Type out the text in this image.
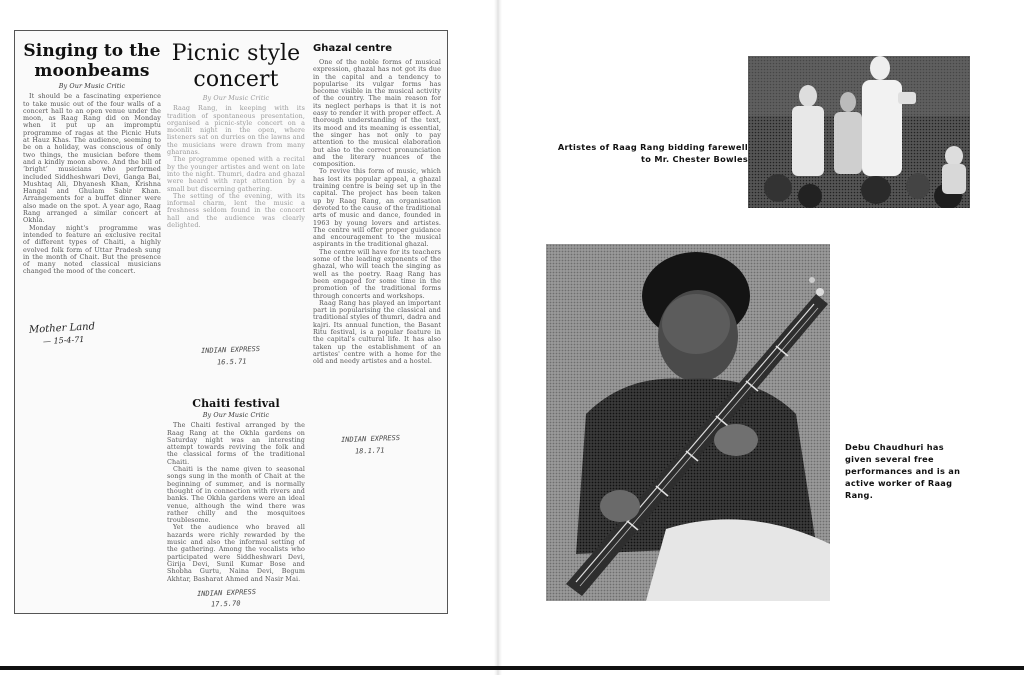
Singing to the moonbeams
By Our Music Critic

It should be a fascinating experience to take music out of the four walls of a concert hall to an open venue under the moon, as Raag Rang did on Monday when it put up an impromptu programme of ragas at the Picnic Huts at Hauz Khas. The audience, seeming to be on a holiday, was conscious of only two things, the musician before them and a kindly moon above. And the bill of ‘bright’ musicians who performed included Siddheshwari Devi, Ganga Bai, Mushtaq Ali, Dhyanesh Khan, Krishna Hangal and Ghulam Sabir Khan. Arrangements for a buffet dinner were also made on the spot. A year ago, Raag Rang arranged a similar concert at Okhla.

Monday night's programme was intended to feature an exclusive recital of different types of Chaiti, a highly evolved folk form of Uttar Pradesh sung in the month of Chait. But the presence of many noted classical musicians changed the mood of the concert.

Mother Land
— 15-4-71
Picnic style concert
By Our Music Critic

Raag Rang, in keeping with its tradition of spontaneous presentation, organised a picnic-style concert on a moonlit night in the open, where listeners sat on durries on the lawns and the musicians were drawn from many gharanas.

The programme opened with a recital by the younger artistes and went on late into the night. Thumri, dadra and ghazal were heard with rapt attention by a small but discerning gathering.

The setting of the evening, with its informal charm, lent the music a freshness seldom found in the concert hall and the audience was clearly delighted.

INDIAN EXPRESS
16.5.71
Chaiti festival
By Our Music Critic

The Chaiti festival arranged by the Raag Rang at the Okhla gardens on Saturday night was an interesting attempt towards reviving the folk and the classical forms of the traditional Chaiti.

Chaiti is the name given to seasonal songs sung in the month of Chait at the beginning of summer, and is normally thought of in connection with rivers and banks. The Okhla gardens were an ideal venue, although the wind there was rather chilly and the mosquitoes troublesome.

Yet the audience who braved all hazards were richly rewarded by the music and also the informal setting of the gathering. Among the vocalists who participated were Siddheshwari Devi, Girija Devi, Sunil Kumar Bose and Shobha Gurtu, Naina Devi, Begum Akhtar, Basharat Ahmed and Nasir Mai.

INDIAN EXPRESS
17.5.70
Ghazal centre

One of the noble forms of musical expression, ghazal has not got its due in the capital and a tendency to popularise its vulgar forms has become visible in the musical activity of the country. The main reason for its neglect perhaps is that it is not easy to render it with proper effect. A thorough understanding of the text, its mood and its meaning is essential, the singer has not only to pay attention to the musical elaboration but also to the correct pronunciation and the literary nuances of the composition.

To revive this form of music, which has lost its popular appeal, a ghazal training centre is being set up in the capital. The project has been taken up by Raag Rang, an organisation devoted to the cause of the traditional arts of music and dance, founded in 1963 by young lovers and artistes. The centre will offer proper guidance and encouragement to the musical aspirants in the traditional ghazal.

The centre will have for its teachers some of the leading exponents of the ghazal, who will teach the singing as well as the poetry. Raag Rang has been engaged for some time in the promotion of the traditional forms through concerts and workshops.

Raag Rang has played an important part in popularising the classical and traditional styles of thumri, dadra and kajri. Its annual function, the Basant Ritu festival, is a popular feature in the capital's cultural life. It has also taken up the establishment of an artistes' centre with a home for the old and needy artistes and a hostel.

INDIAN EXPRESS
18.1.71
Artistes of Raag Rang bidding farewell to Mr. Chester Bowles
Debu Chaudhuri has given several free performances and is an active worker of Raag Rang.
